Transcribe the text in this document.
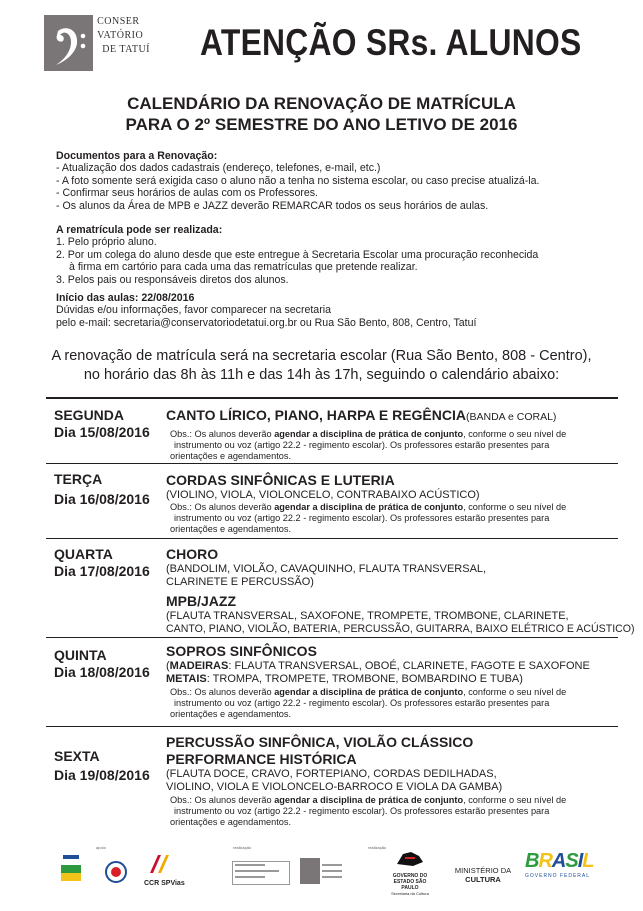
CONSER
VATÓRIO
DE TATUÍ ATENÇÃO SRs. ALUNOS
CALENDÁRIO DA RENOVAÇÃO DE MATRÍCULA
PARA O 2º SEMESTRE DO ANO LETIVO DE 2016
Documentos para a Renovação:
- Atualização dos dados cadastrais (endereço, telefones, e-mail, etc.)
- A foto somente será exigida caso o aluno não a tenha no sistema escolar, ou caso precise atualizá-la.
- Confirmar seus horários de aulas com os Professores.
- Os alunos da Área de MPB e JAZZ deverão REMARCAR todos os seus horários de aulas.
A rematrícula pode ser realizada:
1. Pelo próprio aluno.
2. Por um colega do aluno desde que este entregue à Secretaria Escolar uma procuração reconhecida
à firma em cartório para cada uma das rematrículas que pretende realizar.
3. Pelos pais ou responsáveis diretos dos alunos.
Início das aulas: 22/08/2016
Dúvidas e/ou informações, favor comparecer na secretaria
pelo e-mail: secretaria@conservatoriodetatui.org.br ou Rua São Bento, 808, Centro, Tatuí
A renovação de matrícula será na secretaria escolar (Rua São Bento, 808 - Centro),
no horário das 8h às 11h e das 14h às 17h, seguindo o calendário abaixo:
SEGUNDA
Dia 15/08/2016
CANTO LÍRICO, PIANO, HARPA E REGÊNCIA(BANDA e CORAL)
Obs.: Os alunos deverão agendar a disciplina de prática de conjunto, conforme o seu nível de
instrumento ou voz (artigo 22.2 - regimento escolar). Os professores estarão presentes para
orientações e agendamentos.
TERÇA
Dia 16/08/2016
CORDAS SINFÔNICAS E LUTERIA
(VIOLINO, VIOLA, VIOLONCELO, CONTRABAIXO ACÚSTICO)
Obs.: Os alunos deverão agendar a disciplina de prática de conjunto, conforme o seu nível de
instrumento ou voz (artigo 22.2 - regimento escolar). Os professores estarão presentes para
orientações e agendamentos.
QUARTA
Dia 17/08/2016
CHORO
(BANDOLIM, VIOLÃO, CAVAQUINHO, FLAUTA TRANSVERSAL,
CLARINETE E PERCUSSÃO)
MPB/JAZZ
(FLAUTA TRANSVERSAL, SAXOFONE, TROMPETE, TROMBONE, CLARINETE,
CANTO, PIANO, VIOLÃO, BATERIA, PERCUSSÃO, GUITARRA, BAIXO ELÉTRICO E ACÚSTICO)
QUINTA
Dia 18/08/2016
SOPROS SINFÔNICOS
(MADEIRAS: FLAUTA TRANSVERSAL, OBOÉ, CLARINETE, FAGOTE E SAXOFONE
METAIS: TROMPA, TROMPETE, TROMBONE, BOMBARDINO E TUBA)
Obs.: Os alunos deverão agendar a disciplina de prática de conjunto, conforme o seu nível de
instrumento ou voz (artigo 22.2 - regimento escolar). Os professores estarão presentes para
orientações e agendamentos.
SEXTA
Dia 19/08/2016
PERCUSSÃO SINFÔNICA, VIOLÃO CLÁSSICO
PERFORMANCE HISTÓRICA
(FLAUTA DOCE, CRAVO, FORTEPIANO, CORDAS DEDILHADAS,
VIOLINO, VIOLA E VIOLONCELO-BARROCO E VIOLA DA GAMBA)
Obs.: Os alunos deverão agendar a disciplina de prática de conjunto, conforme o seu nível de
instrumento ou voz (artigo 22.2 - regimento escolar). Os professores estarão presentes para
orientações e agendamentos.
apoio	realização	realização
CCR SPVias
GOVERNO DO ESTADO SÃO PAULO
Secretaria da Cultura
MINISTÉRIO DA
CULTURA
BRASIL
GOVERNO FEDERAL
